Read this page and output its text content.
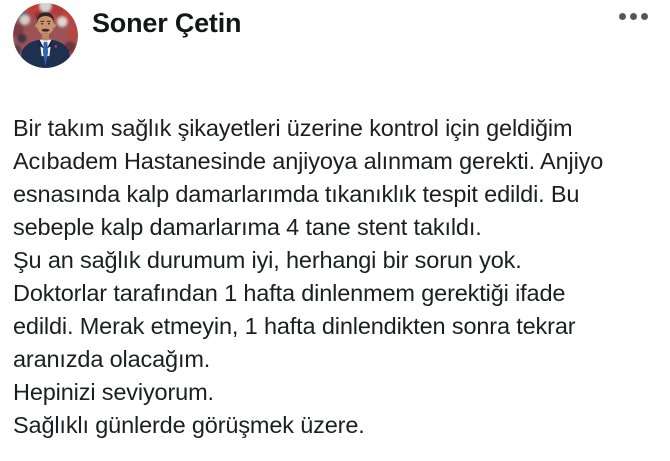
Soner Çetin
Bir takım sağlık şikayetleri üzerine kontrol için geldiğim
Acıbadem Hastanesinde anjiyoya alınmam gerekti. Anjiyo
esnasında kalp damarlarımda tıkanıklık tespit edildi. Bu
sebeple kalp damarlarıma 4 tane stent takıldı.
Şu an sağlık durumum iyi, herhangi bir sorun yok.
Doktorlar tarafından 1 hafta dinlenmem gerektiği ifade
edildi. Merak etmeyin, 1 hafta dinlendikten sonra tekrar
aranızda olacağım.
Hepinizi seviyorum.
Sağlıklı günlerde görüşmek üzere.
